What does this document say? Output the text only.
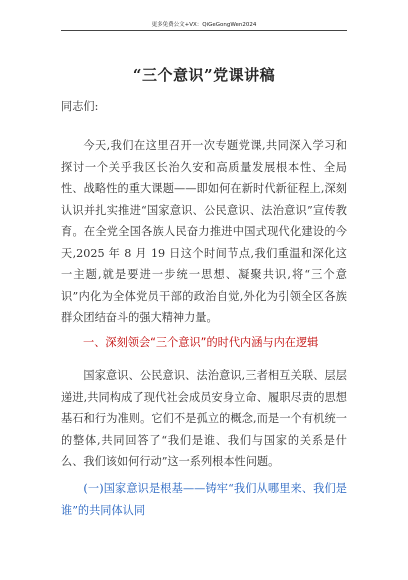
更多免费公文+VX：QiGeGongWen2024
“三个意识”党课讲稿
同志们:
今天,我们在这里召开一次专题党课,共同深入学习和探讨一个关乎我区长治久安和高质量发展根本性、全局性、战略性的重大课题——即如何在新时代新征程上,深刻认识并扎实推进“国家意识、公民意识、法治意识”宣传教育。在全党全国各族人民奋力推进中国式现代化建设的今天,2025 年 8 月 19 日这个时间节点,我们重温和深化这一主题,就是要进一步统一思想、凝聚共识,将“三个意识”内化为全体党员干部的政治自觉,外化为引领全区各族群众团结奋斗的强大精神力量。
一、深刻领会“三个意识”的时代内涵与内在逻辑
国家意识、公民意识、法治意识,三者相互关联、层层递进,共同构成了现代社会成员安身立命、履职尽责的思想基石和行为准则。它们不是孤立的概念,而是一个有机统一的整体,共同回答了“我们是谁、我们与国家的关系是什么、我们该如何行动”这一系列根本性问题。
(一)国家意识是根基——铸牢“我们从哪里来、我们是谁”的共同体认同
